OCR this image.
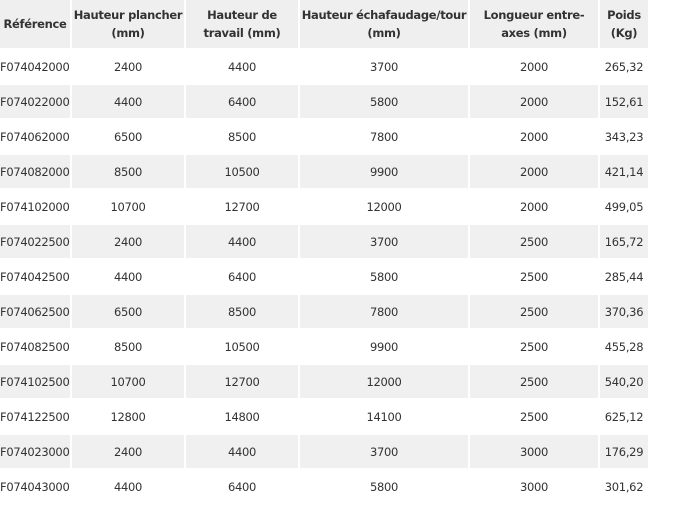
Référence	Hauteur plancher (mm)	Hauteur de travail (mm)	Hauteur échafaudage/tour (mm)	Longueur entre-axes (mm)	Poids (Kg)
F074042000	2400	4400	3700	2000	265,32
F074022000	4400	6400	5800	2000	152,61
F074062000	6500	8500	7800	2000	343,23
F074082000	8500	10500	9900	2000	421,14
F074102000	10700	12700	12000	2000	499,05
F074022500	2400	4400	3700	2500	165,72
F074042500	4400	6400	5800	2500	285,44
F074062500	6500	8500	7800	2500	370,36
F074082500	8500	10500	9900	2500	455,28
F074102500	10700	12700	12000	2500	540,20
F074122500	12800	14800	14100	2500	625,12
F074023000	2400	4400	3700	3000	176,29
F074043000	4400	6400	5800	3000	301,62
